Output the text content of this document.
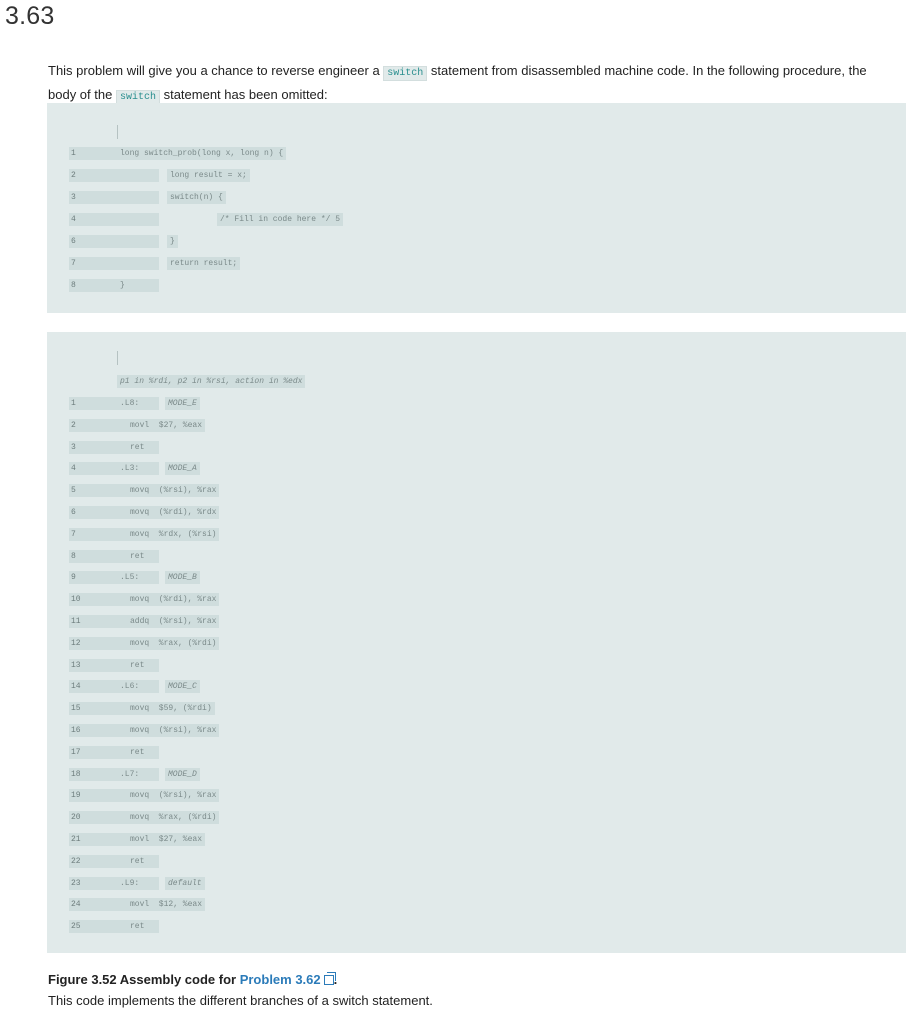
3.63
This problem will give you a chance to reverse engineer a switch statement from disassembled machine code. In the following procedure, the body of the switch statement has been omitted:
1	long switch_prob(long x, long n) {
2	long result = x;
3	switch(n) {
4	/* Fill in code here */ 5
6	}
7	return result;
8	}
p1 in %rdi, p2 in %rsi, action in %edx
1	.L8:	MODE_E
2	movl  $27, %eax
3	ret
4	.L3:	MODE_A
5	movq  (%rsi), %rax
6	movq  (%rdi), %rdx
7	movq  %rdx, (%rsi)
8	ret
9	.L5:	MODE_B
10	movq  (%rdi), %rax
11	addq  (%rsi), %rax
12	movq  %rax, (%rdi)
13	ret
14	.L6:	MODE_C
15	movq  $59, (%rdi)
16	movq  (%rsi), %rax
17	ret
18	.L7:	MODE_D
19	movq  (%rsi), %rax
20	movq  %rax, (%rdi)
21	movl  $27, %eax
22	ret
23	.L9:	default
24	movl  $12, %eax
25	ret
Figure 3.52 Assembly code for Problem 3.62 .
This code implements the different branches of a switch statement.
